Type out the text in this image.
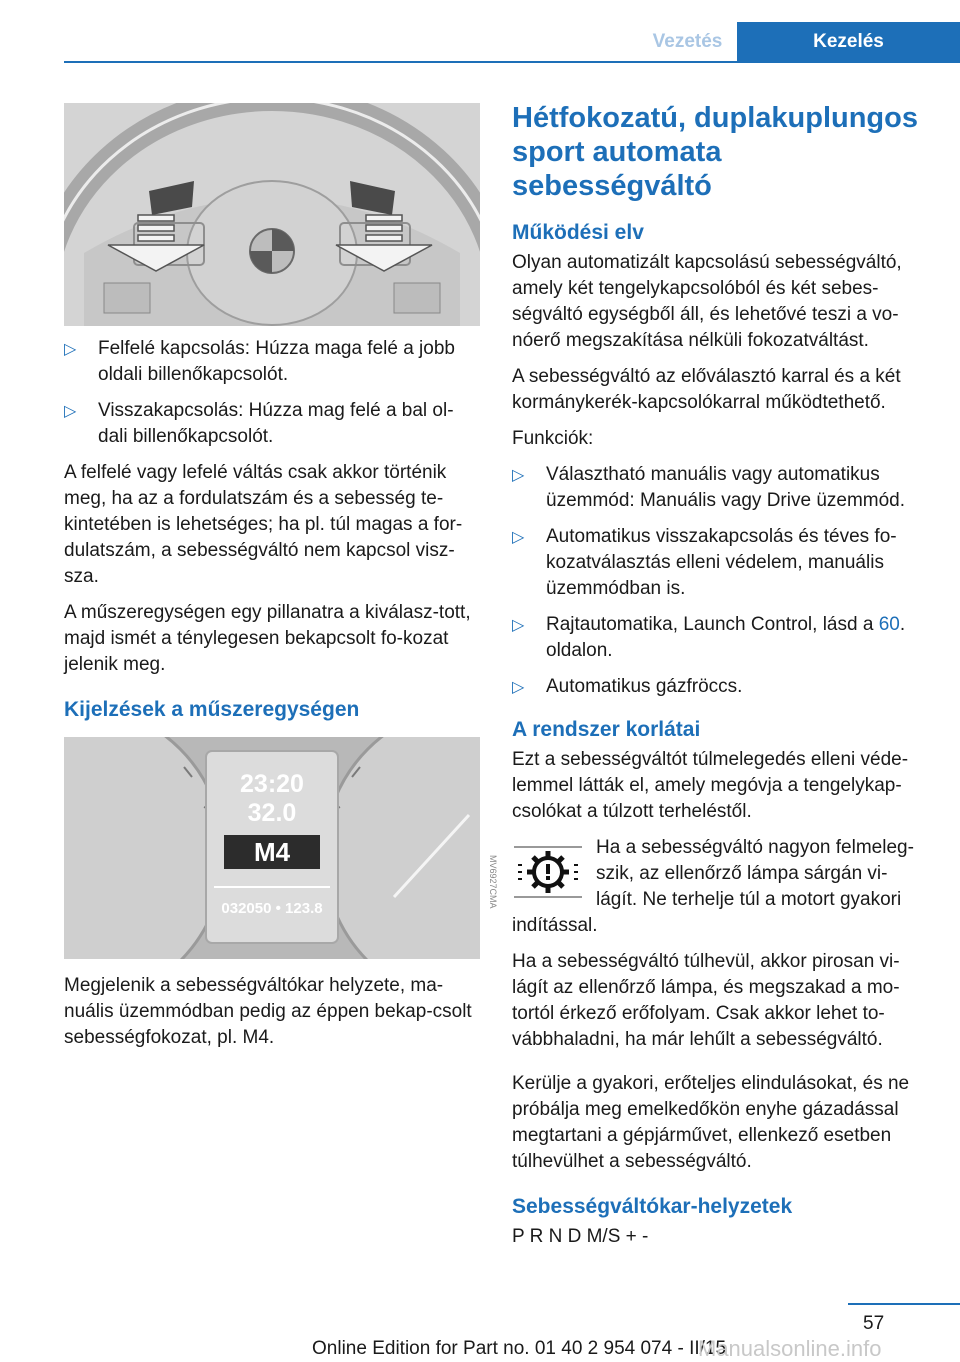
Vezetés	Kezelés
▷ Felfelé kapcsolás: Húzza maga felé a jobb oldali billenőkapcsolót.
▷ Visszakapcsolás: Húzza mag felé a bal ol‐dali billenőkapcsolót.

A felfelé vagy lefelé váltás csak akkor történik meg, ha az a fordulatszám és a sebesség te‐kintetében is lehetséges; ha pl. túl magas a for‐dulatszám, a sebességváltó nem kapcsol visz‐sza.

A műszeregységen egy pillanatra a kiválasz‐tott, majd ismét a ténylegesen bekapcsolt fo‐kozat jelenik meg.

Kijelzések a műszeregységen
23:20
32.0
M4
032050 • 123.8	MV6927CMA

Megjelenik a sebességváltókar helyzete, ma‐nuális üzemmódban pedig az éppen bekap‐csolt sebességfokozat, pl. M4.

Hétfokozatú, duplakuplungos sport automata sebességváltó
Működési elv

Olyan automatizált kapcsolású sebességváltó, amely két tengelykapcsolóból és két sebes‐ségváltó egységből áll, és lehetővé teszi a vo‐nóerő megszakítása nélküli fokozatváltást.

A sebességváltó az előválasztó karral és a két kormánykerék-kapcsolókarral működtethető.

Funkciók:

▷ Választható manuális vagy automatikus üzemmód: Manuális vagy Drive üzemmód.
▷ Automatikus visszakapcsolás és téves fo‐kozatválasztás elleni védelem, manuális üzemmódban is.
▷ Rajtautomatika, Launch Control, lásd a 60. oldalon.
▷ Automatikus gázfröccs.
A rendszer korlátai

Ezt a sebességváltót túlmelegedés elleni véde‐lemmel látták el, amely megóvja a tengelykap‐csolókat a túlzott terheléstől.

Ha a sebességváltó nagyon felmeleg‐szik, az ellenőrző lámpa sárgán vi‐lágít. Ne terhelje túl a motort gyakori

indítással.

Ha a sebességváltó túlhevül, akkor pirosan vi‐lágít az ellenőrző lámpa, és megszakad a mo‐tortól érkező erőfolyam. Csak akkor lehet to‐vábbhaladni, ha már lehűlt a sebességváltó.

Kerülje a gyakori, erőteljes elindulásokat, és ne próbálja meg emelkedőkön enyhe gázadással megtartani a gépjárművet, ellenkező esetben túlhevülhet a sebességváltó.

Sebességváltókar-helyzetek

P R N D M/S + -

57
Online Edition for Part no. 01 40 2 954 074 - II/15
Manualsonline.info
